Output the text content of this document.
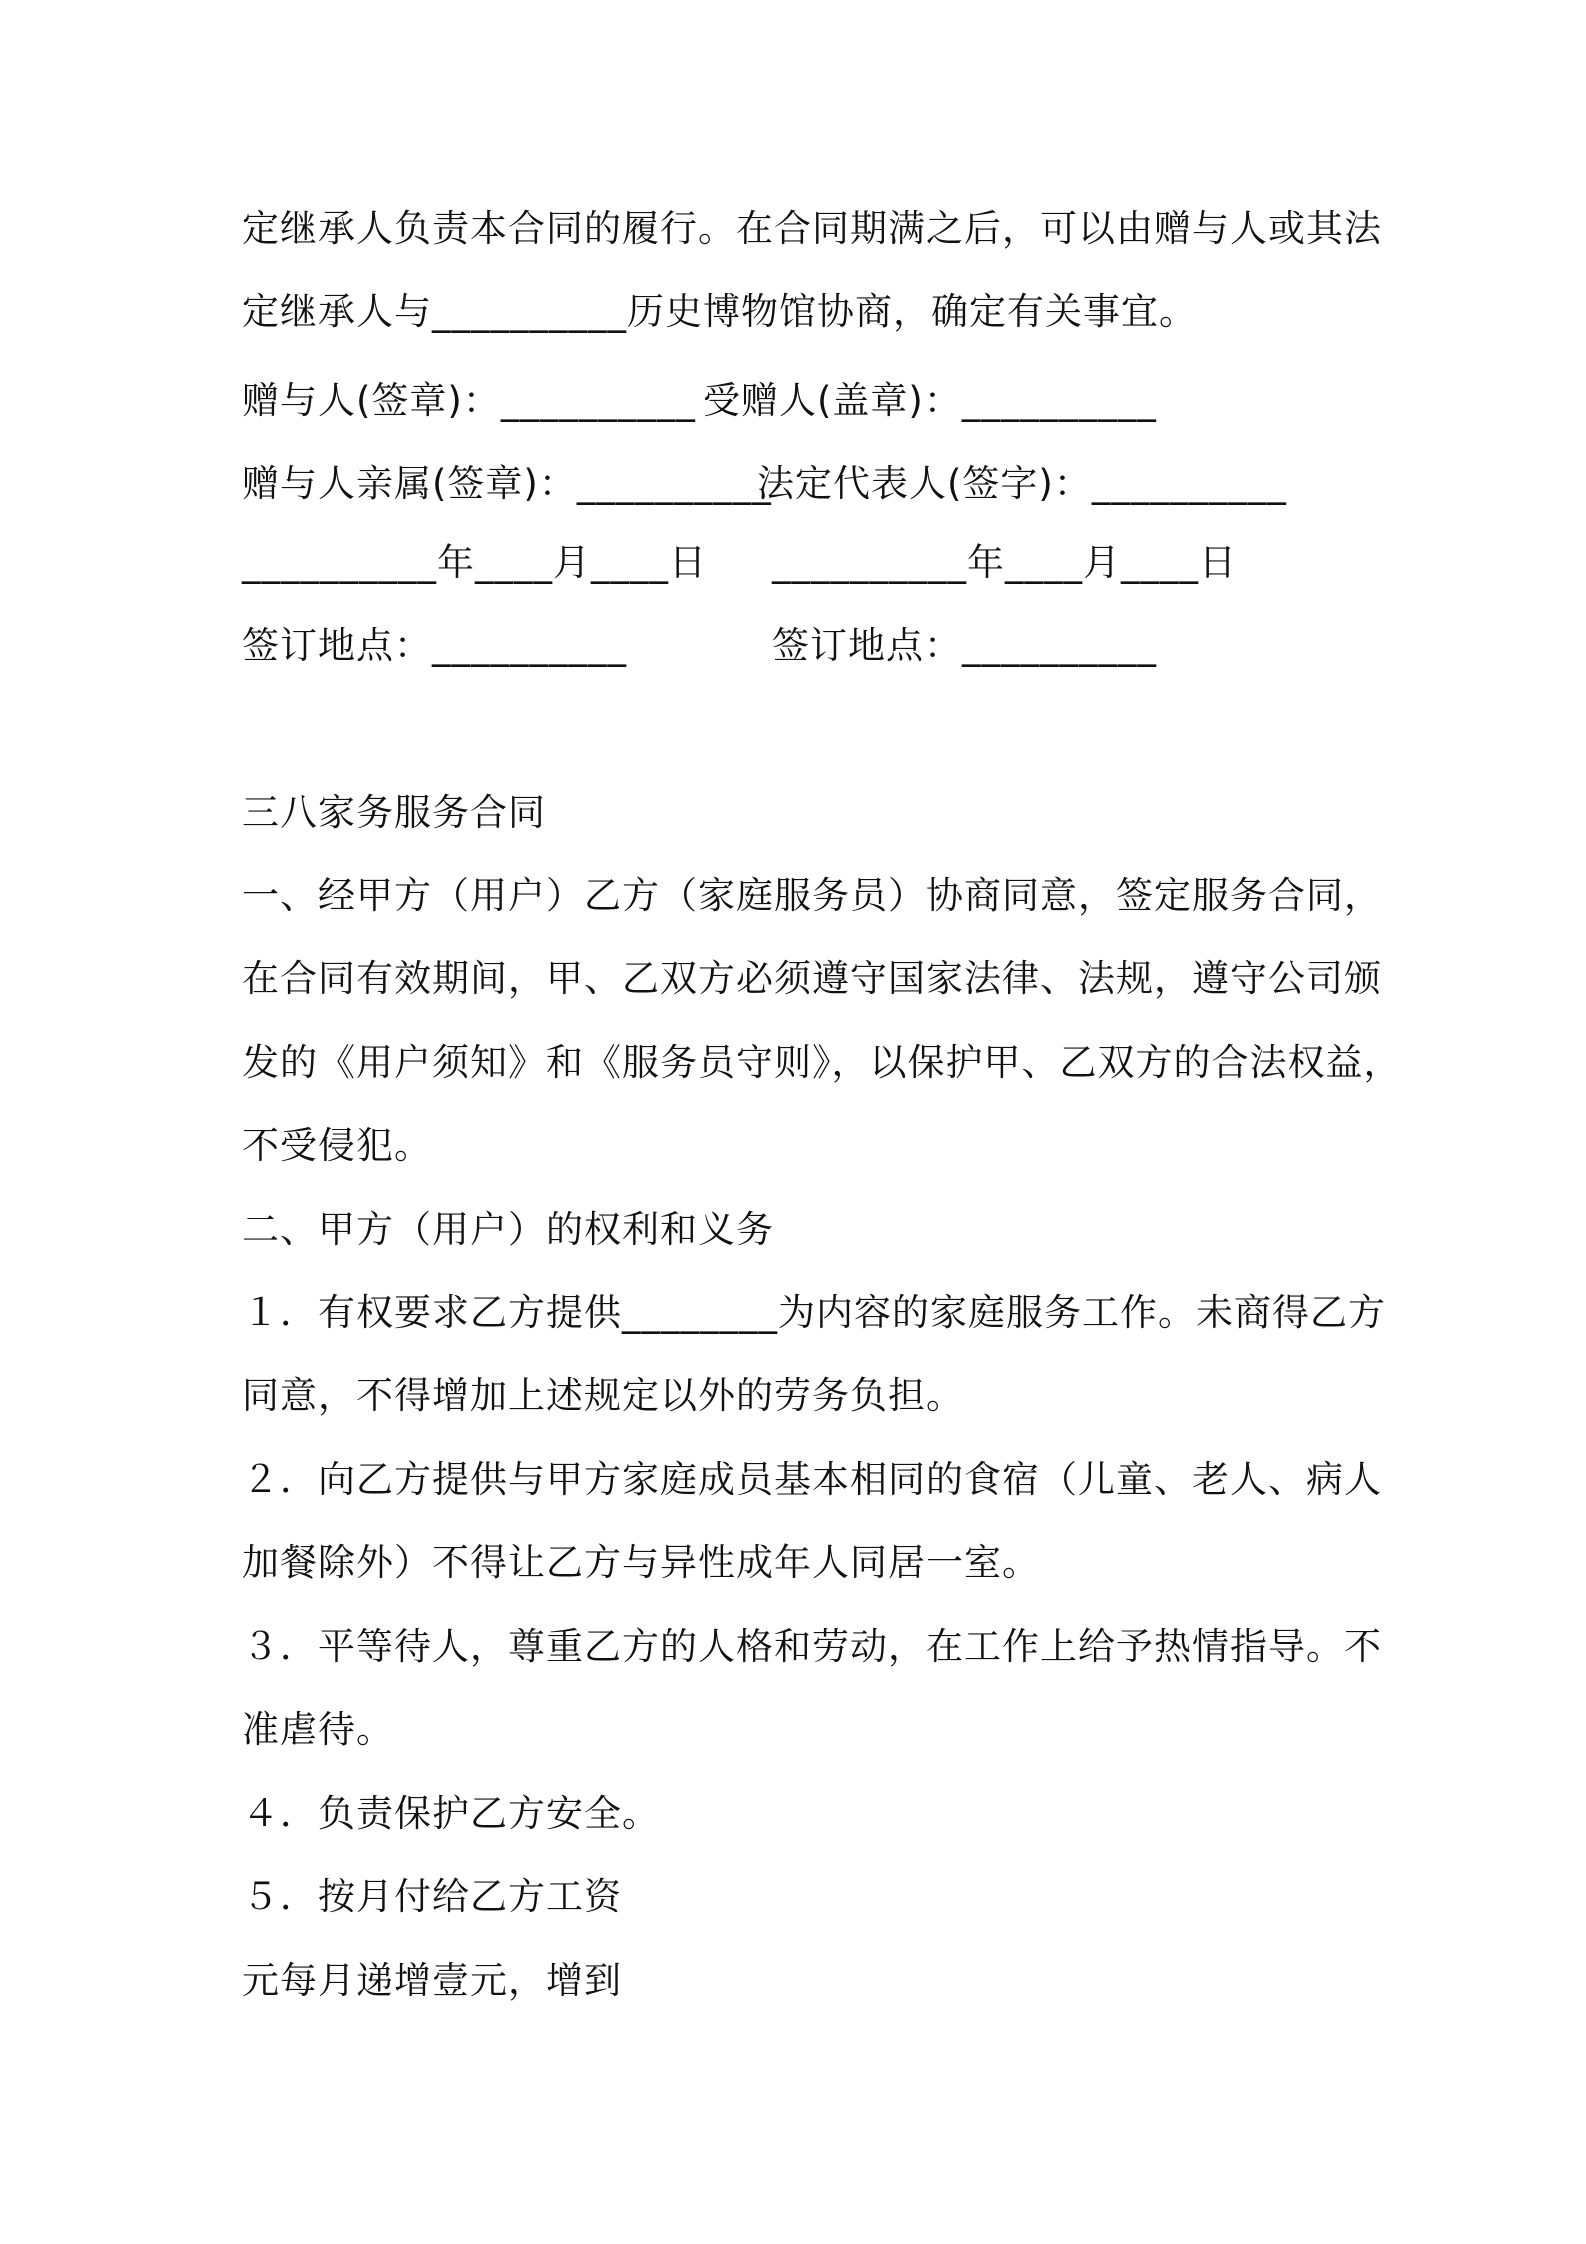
定继承人负责本合同的履行。在合同期满之后，可以由赠与人或其法
定继承人与__________历史博物馆协商，确定有关事宜。
赠与人(签章)：__________ 受赠人(盖章)：__________
赠与人亲属(签章)：__________
法定代表人(签字)：__________
__________年____月____日 __________年____月____日
签订地点：__________	签订地点：__________
三八家务服务合同
一、经甲方（用户）乙方（家庭服务员）协商同意，签定服务合同，
在合同有效期间，甲、乙双方必须遵守国家法律、法规，遵守公司颁
发的《用户须知》和《服务员守则》，以保护甲、乙双方的合法权益，
不受侵犯。
二、甲方（用户）的权利和义务
１．有权要求乙方提供________为内容的家庭服务工作。未商得乙方
同意，不得增加上述规定以外的劳务负担。
２．向乙方提供与甲方家庭成员基本相同的食宿（儿童、老人、病人
加餐除外）不得让乙方与异性成年人同居一室。
３．平等待人，尊重乙方的人格和劳动，在工作上给予热情指导。不
准虐待。
４．负责保护乙方安全。
５．按月付给乙方工资
元每月递增壹元，增到
